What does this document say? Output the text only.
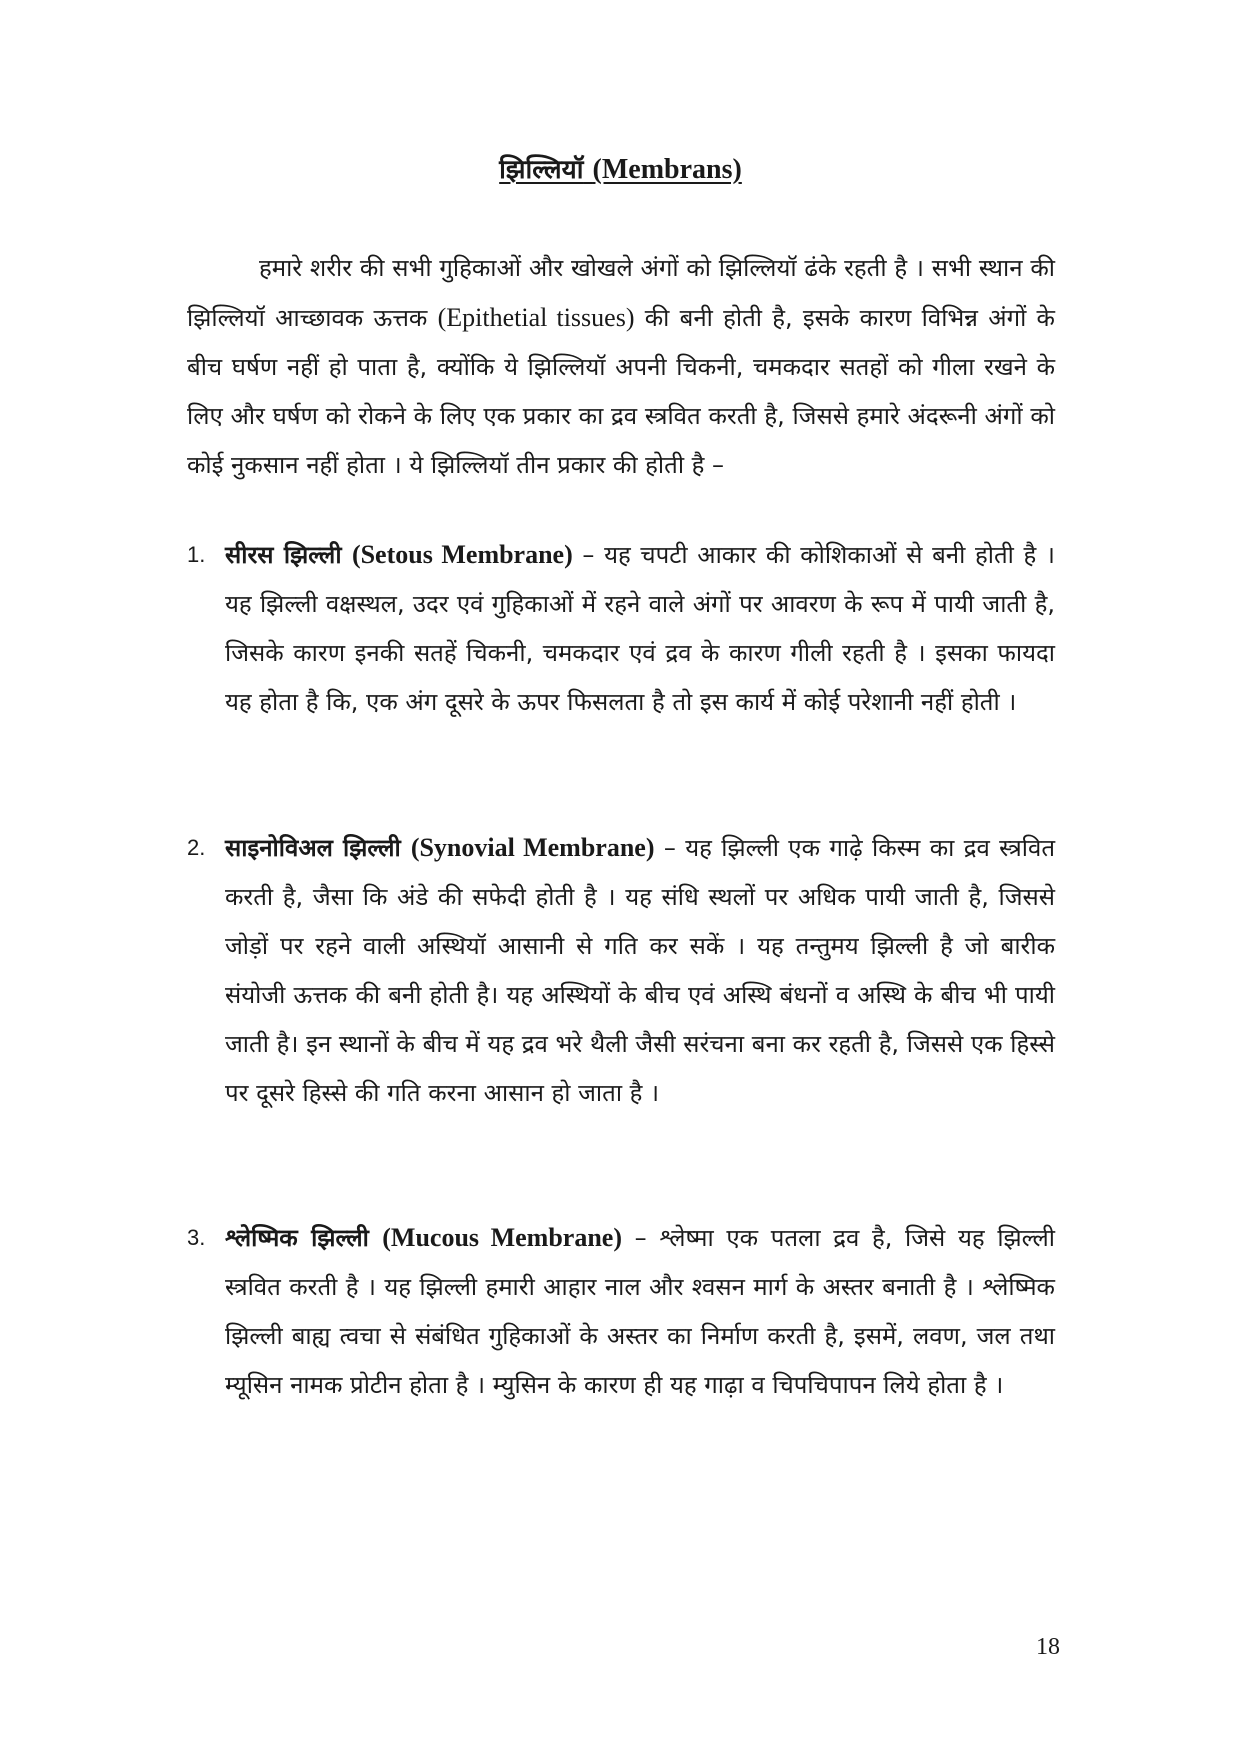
झिल्लियॉ (Membrans)

हमारे शरीर की सभी गुहिकाओं और खोखले अंगों को झिल्लियॉ ढंके रहती है । सभी स्थान की झिल्लियॉ आच्छावक ऊत्तक (Epithetial tissues) की बनी होती है, इसके कारण विभिन्न अंगों के बीच घर्षण नहीं हो पाता है, क्योंकि ये झिल्लियॉ अपनी चिकनी, चमकदार सतहों को गीला रखने के लिए और घर्षण को रोकने के लिए एक प्रकार का द्रव स्त्रवित करती है, जिससे हमारे अंदरूनी अंगों को कोई नुकसान नहीं होता । ये झिल्लियॉ तीन प्रकार की होती है –

1. सीरस झिल्ली (Setous Membrane) – यह चपटी आकार की कोशिकाओं से बनी होती है । यह झिल्ली वक्षस्थल, उदर एवं गुहिकाओं में रहने वाले अंगों पर आवरण के रूप में पायी जाती है, जिसके कारण इनकी सतहें चिकनी, चमकदार एवं द्रव के कारण गीली रहती है । इसका फायदा यह होता है कि, एक अंग दूसरे के ऊपर फिसलता है तो इस कार्य में कोई परेशानी नहीं होती ।
2. साइनोविअल झिल्ली (Synovial Membrane) – यह झिल्ली एक गाढ़े किस्म का द्रव स्त्रवित करती है, जैसा कि अंडे की सफेदी होती है । यह संधि स्थलों पर अधिक पायी जाती है, जिससे जोड़ों पर रहने वाली अस्थियॉ आसानी से गति कर सकें । यह तन्तुमय झिल्ली है जो बारीक संयोजी ऊत्तक की बनी होती है। यह अस्थियों के बीच एवं अस्थि बंधनों व अस्थि के बीच भी पायी जाती है। इन स्थानों के बीच में यह द्रव भरे थैली जैसी सरंचना बना कर रहती है, जिससे एक हिस्से पर दूसरे हिस्से की गति करना आसान हो जाता है ।
3. श्लेष्मिक झिल्ली (Mucous Membrane) – श्लेष्मा एक पतला द्रव है, जिसे यह झिल्ली स्त्रवित करती है । यह झिल्ली हमारी आहार नाल और श्वसन मार्ग के अस्तर बनाती है । श्लेष्मिक झिल्ली बाह्य त्वचा से संबंधित गुहिकाओं के अस्तर का निर्माण करती है, इसमें, लवण, जल तथा म्यूसिन नामक प्रोटीन होता है । म्युसिन के कारण ही यह गाढ़ा व चिपचिपापन लिये होता है ।
18
